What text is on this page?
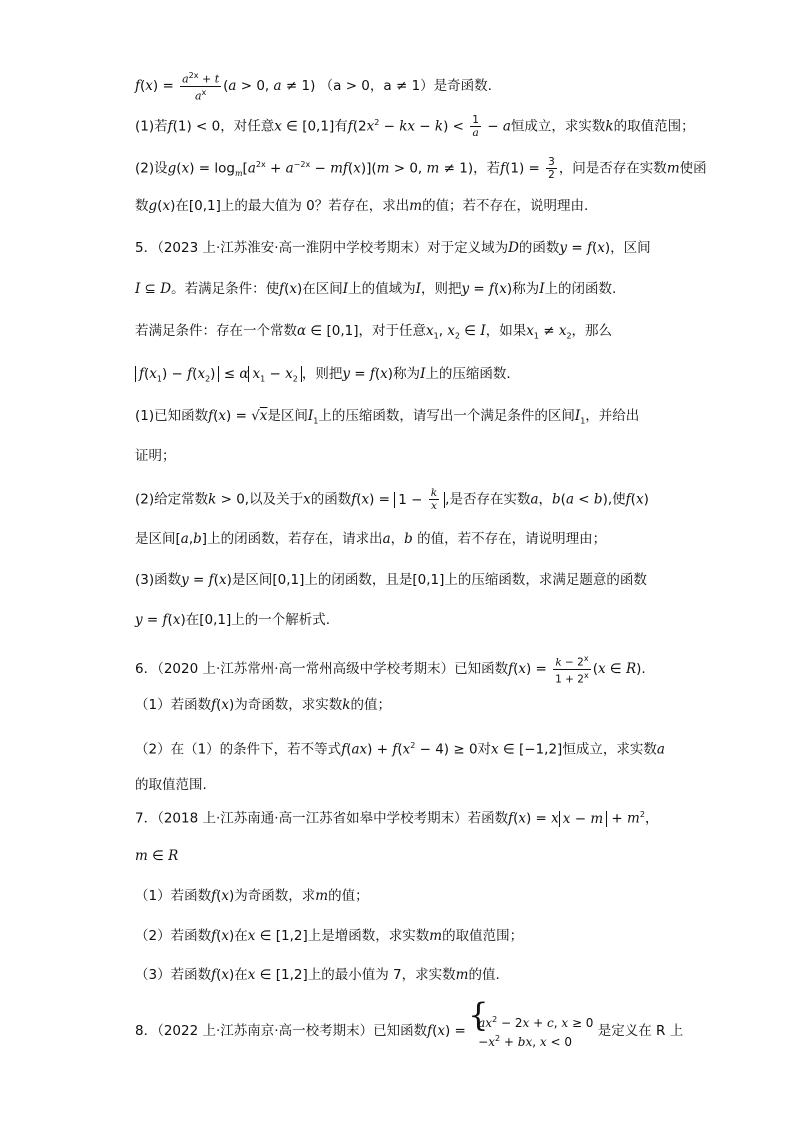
$f(x) = \frac{a^{2x} + t}{a^x} (a > 0$, a ≠ 1) （a > 0，a ≠ 1）是奇函数.
(1)若f(1) < 0，对任意x ∈ [0,1]有$f(2x^2$ − kx − $k) < \frac{1}{a} - a$恒成立，求实数k的取值范围；
(2)设$g(x) = \log_m[a^{2x} + a^{-2x} - mf(x)](m > 0$, m ≠ 1)，若$f(1) = \frac{3}{2}$ ，问是否存在实数m使函
数g(x)在[0,1]上的最大值为 0？若存在，求出m的值；若不存在，说明理由.
5．（2023 上·江苏淮安·高一淮阴中学校考期末）对于定义域为D的函数y = f(x)，区间
I ⊆ D。若满足条件：使f(x)在区间I上的值域为I，则把y = f(x)称为I上的闭函数.
若满足条件：存在一个常数α ∈ [0,1]，对于任意$x_1$, $x_2$ ∈ I，如果$x_1 \ne x_2$，那么
$f(x_1) - f(x_2) \le \alpha$ $x_1 - x_2$ ，则把y = f(x)称为I上的压缩函数.
(1)已知函数f(x) = √x是区间$I_1$上的压缩函数，请写出一个满足条件的区间$I_1$，并给出
证明；
(2)给定常数k > 0,以及关于x的函数$f(x) = 1 - \frac{k}{x}$ ,是否存在实数a，b(a < b),使f(x)
是区间[a,b]上的闭函数，若存在，请求出a，b 的值，若不存在，请说明理由；
(3)函数y = f(x)是区间[0,1]上的闭函数，且是[0,1]上的压缩函数，求满足题意的函数
y = f(x)在[0,1]上的一个解析式.
6．（2020 上·江苏常州·高一常州高级中学校考期末）已知函数$f(x) = \frac{k - 2^x}{1 + 2^x} (x$ ∈ R).
（1）若函数f(x)为奇函数，求实数k的值；
（2）在（1）的条件下，若不等式$f(ax) + f(x^2 - 4) \ge 0$对x ∈ [−1,2]恒成立，求实数a
的取值范围.
7．（2018 上·江苏南通·高一江苏省如皋中学校考期末）若函数f(x) = x $x - m + m^2$，
m ∈ R
（1）若函数f(x)为奇函数，求m的值；
（2）若函数f(x)在x ∈ [1,2]上是增函数，求实数m的取值范围；
（3）若函数f(x)在x ∈ [1,2]上的最小值为 7，求实数m的值.
8．（2022 上·江苏南京·高一校考期末）已知函数f(x) = { $ax^2 - 2x + c$, x ≥ 0
$-x^2$ + bx, x < 0
是定义在 R 上
